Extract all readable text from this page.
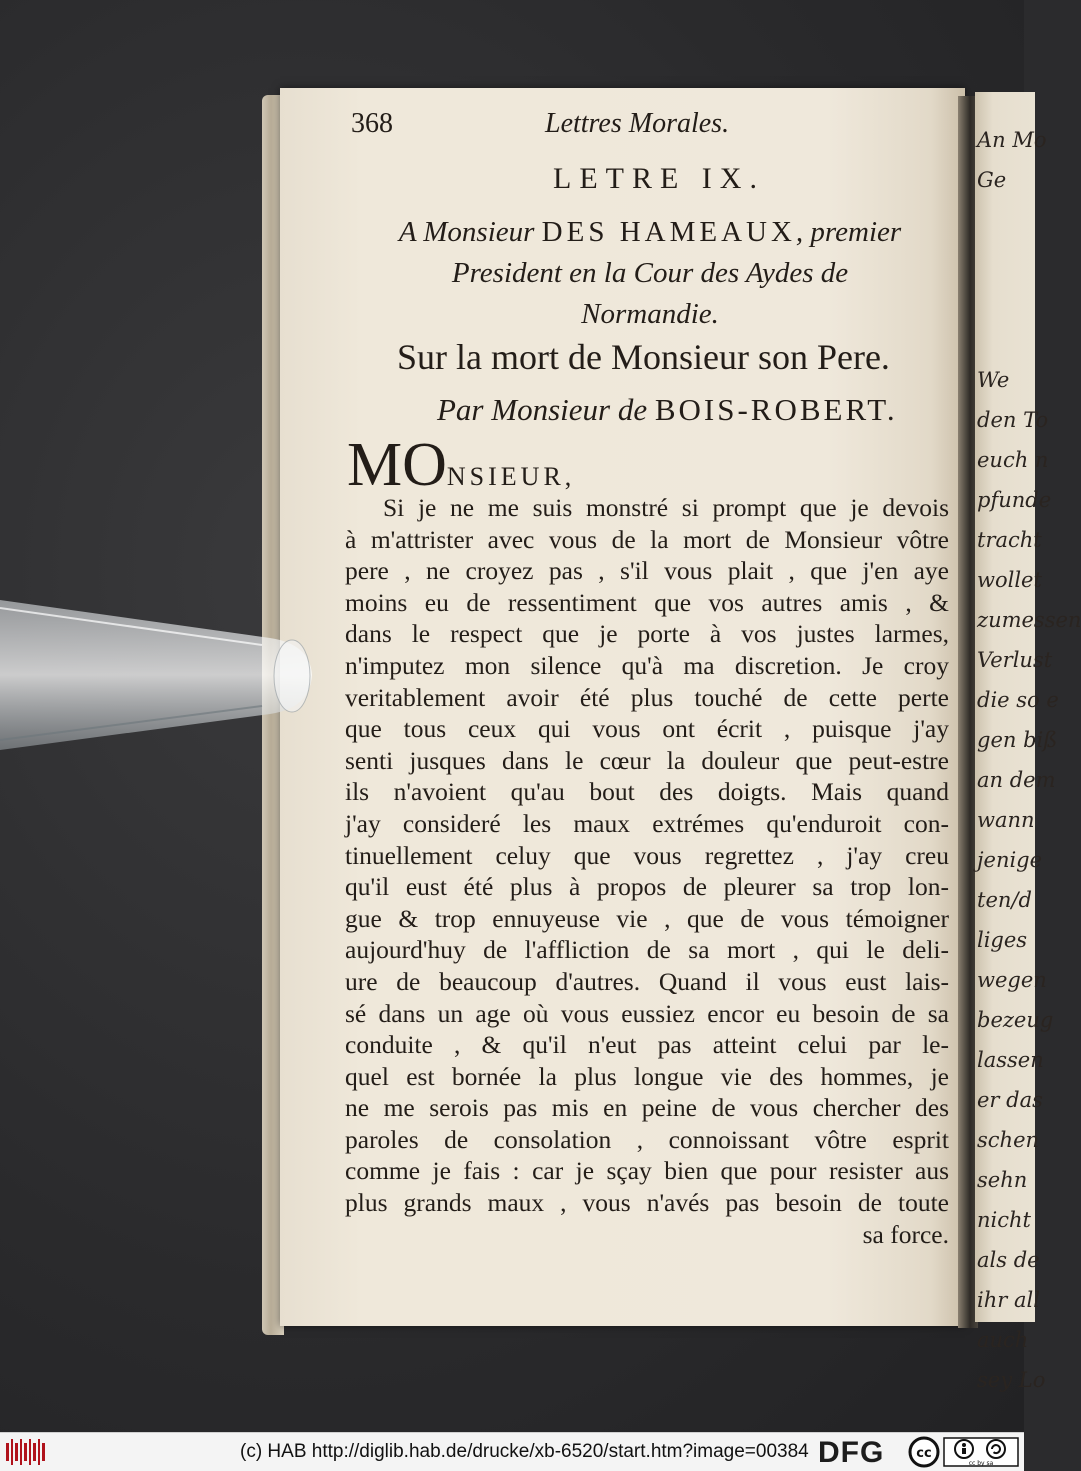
An Mo
Ge
We
den To
euch n
pfunde
tracht
wollet
zumessen
Verlust
die so e
gen biß
an dem
wann
jenige
ten/d
liges
wegen
bezeug
lassen
er das
schen
sehn
nicht
als de
ihr all
auch
sey Lo
368	Lettres Morales.
LETRE IX.
A Monsieur DES HAMEAUX, premier
President en la Cour des Aydes de
Normandie.
Sur la mort de Monsieur son Pere.
Par Monsieur de BOIS-ROBERT.
MONSIEUR,
Si je ne me suis monstré si prompt que je devois
à m'attrister avec vous de la mort de Monsieur vôtre
pere , ne croyez pas , s'il vous plait , que j'en aye
moins eu de ressentiment que vos autres amis , &
dans le respect que je porte à vos justes larmes,
n'imputez mon silence qu'à ma discretion. Je croy
veritablement avoir été plus touché de cette perte
que tous ceux qui vous ont écrit , puisque j'ay
senti jusques dans le cœur la douleur que peut-estre
ils n'avoient qu'au bout des doigts. Mais quand
j'ay consideré les maux extrémes qu'enduroit con-
tinuellement celuy que vous regrettez , j'ay creu
qu'il eust été plus à propos de pleurer sa trop lon-
gue & trop ennuyeuse vie , que de vous témoigner
aujourd'huy de l'affliction de sa mort , qui le deli-
ure de beaucoup d'autres. Quand il vous eust lais-
sé dans un age où vous eussiez encor eu besoin de sa
conduite , & qu'il n'eut pas atteint celui par le-
quel est bornée la plus longue vie des hommes, je
ne me serois pas mis en peine de vous chercher des
paroles de consolation , connoissant vôtre esprit
comme je fais : car je sçay bien que pour resister aus
plus grands maux , vous n'avés pas besoin de toute
sa force.
(c) HAB http://diglib.hab.de/drucke/xb-6520/start.htm?image=00384 DFG cc
cc by sa
